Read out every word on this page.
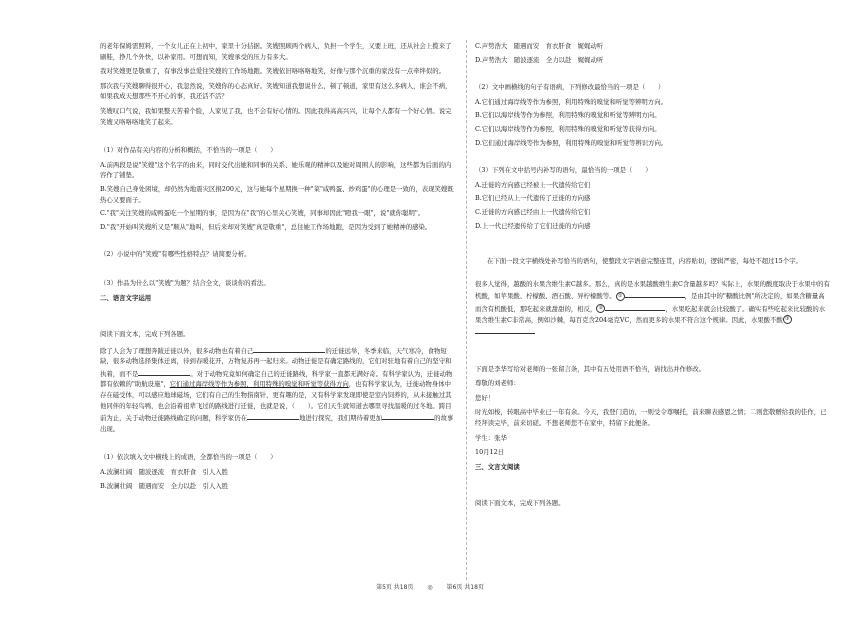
的老年保姆需照料，一个女儿正在上初中，家里十分拮据。笑嫂照顾两个病人，负担一个学生，又要上班，还从社会上揽来了刷鞋，挣几个外快，以补家用。可想而知，笑嫂承受的压力有多大。

我对笑嫂更是敬重了，有事没事总爱往笑嫂的工作场地跑。笑嫂依旧咯咯咯地笑，好像与那个沉重的家没有一点牵绊似的。

那次我与笑嫂聊得很开心，我忽然说，笑嫂你的心态真好。笑嫂知道我想说什么，顿了顿道，家里有这么多病人，谁会不病，如果我成天想那些不开心的事，我还活不活？

笑嫂叹口气说，我如果整天苦着个脸，人家见了我，也不会有好心情的。因此我得高高兴兴，让每个人都有一个好心情。说完笑嫂又咯咯咯地笑了起来。

（1）对作品有关内容的分析和概括，不恰当的一项是（　　）

A.前两段是说"笑嫂"这个名字的由来，同时交代出她和同事的关系、她乐观的精神以及她对周围人的影响，这些都为后面的内容作了铺垫。

B.笑嫂自己身处困境，却仍然为地震灾区捐200元，这与她每个星期换一种"菜"咸鸭蛋、炒鸡蛋"的心理是一致的，表现笑嫂既热心又要面子。

C."我"关注笑嫂的咸鸭蛋吃一个星期的事，是因为在"我"的心里关心笑嫂，同事却因此"瞪我一眼"，说"就你聪明"。

D."我"开始叫笑嫂所又是"顺从"地叫，但后来却对笑嫂"真是敬重"，总往她工作场地跑，是因为受到了她精神的感染。

（2）小说中的"笑嫂"有哪些性格特点？请简要分析。

（3）作品为什么以"笑嫂"为题？结合全文，谈谈你的看法。

二、语言文字运用

阅读下面文本，完成下列各题。

除了人会为了理想奔跋迁徙以外，很多动物也有着自己	的迁徙远举，冬季来临，天气寒冷，食物短缺，很多动物选择集体迁离，待到春暖花开，万物复苏再一起归来。动物迁徙是有确定路线的，它们对驻地有着自己的坚守和执着，而不是	。对于动物究竟如何确定自己的迁徙路线，科学家一直都无满好奇。有科学家认为，迁徙动物都有依赖的"助航设施"，它们通过海岸线等作为参照，利用特殊的嗅觉和听觉等获得方向，也有科学家认为，迁徙动物身体中存在磁受体，可以感应地球磁场，它们有自己的生物指南针，更有趣的是，又有科学家发现即使是室内饲养的，从未接触过其他同伴的年轻鸟鸭，也会沿着祖辈飞过的路线进行迁徙，也就是说，（　　）。它们天生就知道去哪里寻找温暖的过冬地。跨目前为止，关于动物迁徙路线确定的问题，科学家仍在	地进行探究，我们期待着更加	的故事出现。

（1）依次填入文中横线上的成语，全都恰当的一项是（　　）

A.波澜壮阔　随波逐流　育衣肝食　引人入胜

B.波澜壮阔　随遇而安　全力以赴　引人入胜

C.声势浩大　随遇而安　育衣肝食　娓娓动听

D.声势浩大　随波逐流　全力以赴　娓娓动听

（2）文中画横线的句子有语病，下列修改最恰当的一项是（　　）

A.它们通过海岸线等作为参照，利用特殊的嗅觉和听觉等辨明方向。

B.它们以海岸线等作为参照，利用特殊的嗅觉和听觉等辨明方向。

C.它们以海岸线等作为参照，利用特殊的嗅觉和听觉等获得方向。

D.它们通过海岸线等作为参照，利用特殊的嗅觉和听觉等辨识方向。

（3）下列在文中括号内补写的语句，最恰当的一项是（　　）

A.迁徙的方向感已经被上一代遗传给它们

B.它们已经从上一代遗传了迁徙的方向感

C.迁徙的方向感已经由上一代遗传给它们

D.上一代已经遗传给了它们迁徙的方向感

在下面一段文字横线处补写恰当的语句，使整段文字语意完整连贯，内容贴切，逻辑严密，每处不超过15个字。

很多人觉得，越酸的水果含维生素C越多。那么，真的是水果越酸维生素C含量越多吗？实际上，水果的酸度取决于水果中的有机酸，如苹果酸、柠檬酸、酒石酸、异柠檬酸等。 ①	，是由其中的"糖酸比例"所决定的，如果含糖量高而含有机酸低，那吃起来就甜甜的，相反， ②	，水果吃起来就会比较酸了。确实有些吃起来比较酸的水果含维生素C非常高，例如沙棘，每百克含204毫克VC，然而更多的水果不符合这个规律。因此，水果酸不酸 ③

下面是李华写给对老师的一张留言条，其中有五处用语不恰当，请找出并作修改。

尊敬的刘老师：

您好！

时光如梭，转眼高中毕业已一年有余。今天，我登门造访，一则受令尊嘱托，前来聊表感恩之情；二则您敬赠给我的佳作，已经拜读完毕，前来切磋。不想老师您不在家中，特留下此便条。

学生：张华

10月12日

三、文言文阅读

阅读下面文本，完成下列各题。

第5页 共18页 ◎ 第6页 共18页
